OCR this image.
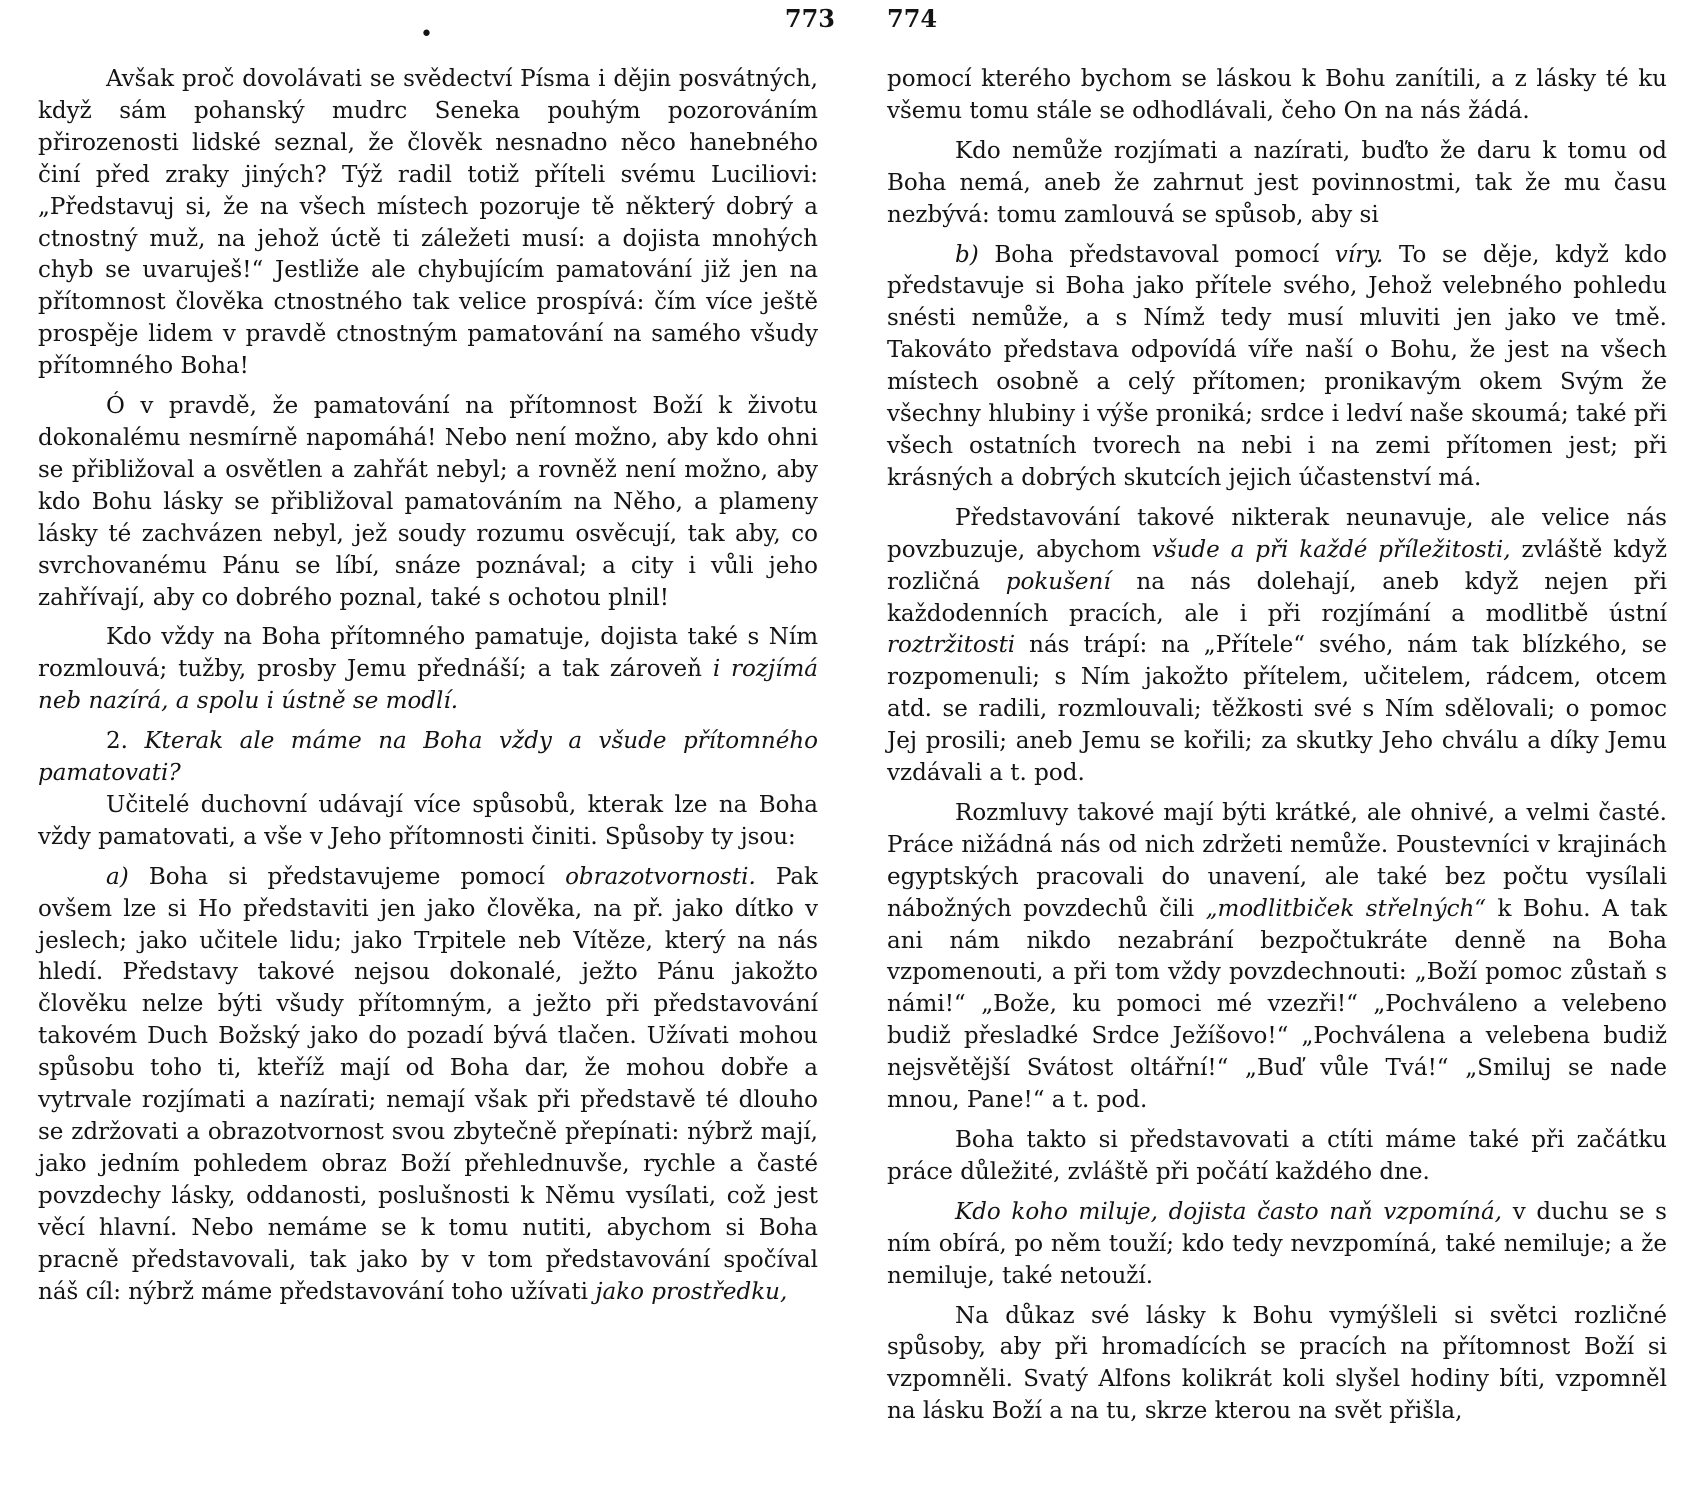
773
•

Avšak proč dovolávati se svědectví Písma i dějin posvátných, když sám pohanský mudrc Seneka pouhým pozorováním přirozenosti lidské seznal, že člověk nesnadno něco hanebného činí před zraky jiných? Týž radil totiž příteli svému Luciliovi: „Představuj si, že na všech místech pozoruje tě některý dobrý a ctnostný muž, na jehož úctě ti záležeti musí: a dojista mnohých chyb se uvaruješ!“ Jestliže ale chybujícím pamatování již jen na přítomnost člověka ctnostného tak velice prospívá: čím více ještě prospěje lidem v pravdě ctnostným pamatování na samého všudy přítomného Boha!

Ó v pravdě, že pamatování na přítomnost Boží k životu dokonalému nesmírně napomáhá! Nebo není možno, aby kdo ohni se přibližoval a osvětlen a zahřát nebyl; a rovněž není možno, aby kdo Bohu lásky se přibližoval pamatováním na Něho, a plameny lásky té zachvázen nebyl, jež soudy rozumu osvěcují, tak aby, co svrchovanému Pánu se líbí, snáze poznával; a city i vůli jeho zahřívají, aby co dobrého poznal, také s ochotou plnil!

Kdo vždy na Boha přítomného pamatuje, dojista také s Ním rozmlouvá; tužby, prosby Jemu přednáší; a tak zároveň i rozjímá neb nazírá, a spolu i ústně se modlí.

2. Kterak ale máme na Boha vždy a všude přítomného pamatovati?

Učitelé duchovní udávají více spůsobů, kterak lze na Boha vždy pamatovati, a vše v Jeho přítomnosti činiti. Spůsoby ty jsou:

a) Boha si představujeme pomocí obrazotvornosti. Pak ovšem lze si Ho představiti jen jako člověka, na př. jako dítko v jeslech; jako učitele lidu; jako Trpitele neb Vítěze, který na nás hledí. Představy takové nejsou dokonalé, ježto Pánu jakožto člověku nelze býti všudy přítomným, a ježto při představování takovém Duch Božský jako do pozadí bývá tlačen. Užívati mohou spůsobu toho ti, kteříž mají od Boha dar, že mohou dobře a vytrvale rozjímati a nazírati; nemají však při představě té dlouho se zdržovati a obrazotvornost svou zbytečně přepínati: nýbrž mají, jako jedním pohledem obraz Boží přehlednuvše, rychle a časté povzdechy lásky, oddanosti, poslušnosti k Němu vysílati, což jest věcí hlavní. Nebo nemáme se k tomu nutiti, abychom si Boha pracně představovali, tak jako by v tom představování spočíval náš cíl: nýbrž máme představování toho užívati jako prostředku,

774

pomocí kterého bychom se láskou k Bohu zanítili, a z lásky té ku všemu tomu stále se odhodlávali, čeho On na nás žádá.

Kdo nemůže rozjímati a nazírati, buďto že daru k tomu od Boha nemá, aneb že zahrnut jest povinnostmi, tak že mu času nezbývá: tomu zamlouvá se spůsob, aby si

b) Boha představoval pomocí víry. To se děje, když kdo představuje si Boha jako přítele svého, Jehož velebného pohledu snésti nemůže, a s Nímž tedy musí mluviti jen jako ve tmě. Takováto představa odpovídá víře naší o Bohu, že jest na všech místech osobně a celý přítomen; pronikavým okem Svým že všechny hlubiny i výše proniká; srdce i ledví naše skoumá; také při všech ostatních tvorech na nebi i na zemi přítomen jest; při krásných a dobrých skutcích jejich účastenství má.

Představování takové nikterak neunavuje, ale velice nás povzbuzuje, abychom všude a při každé příležitosti, zvláště když rozličná pokušení na nás dolehají, aneb když nejen při každodenních pracích, ale i při rozjímání a modlitbě ústní roztržitosti nás trápí: na „Přítele“ svého, nám tak blízkého, se rozpomenuli; s Ním jakožto přítelem, učitelem, rádcem, otcem atd. se radili, rozmlouvali; těžkosti své s Ním sdělovali; o pomoc Jej prosili; aneb Jemu se kořili; za skutky Jeho chválu a díky Jemu vzdávali a t. pod.

Rozmluvy takové mají býti krátké, ale ohnivé, a velmi časté. Práce nižádná nás od nich zdržeti nemůže. Poustevníci v krajinách egyptských pracovali do unavení, ale také bez počtu vysílali nábožných povzdechů čili „modlitbiček střelných“ k Bohu. A tak ani nám nikdo nezabrání bezpočtukráte denně na Boha vzpomenouti, a při tom vždy povzdechnouti: „Boží pomoc zůstaň s námi!“ „Bože, ku pomoci mé vzezři!“ „Pochváleno a velebeno budiž přesladké Srdce Ježíšovo!“ „Pochválena a velebena budiž nejsvětější Svátost oltářní!“ „Buď vůle Tvá!“ „Smiluj se nade mnou, Pane!“ a t. pod.

Boha takto si představovati a ctíti máme také při začátku práce důležité, zvláště při počátí každého dne.

Kdo koho miluje, dojista často naň vzpomíná, v duchu se s ním obírá, po něm touží; kdo tedy nevzpomíná, také nemiluje; a že nemiluje, také netouží.

Na důkaz své lásky k Bohu vymýšleli si světci rozličné spůsoby, aby při hromadících se pracích na přítomnost Boží si vzpomněli. Svatý Alfons kolikrát koli slyšel hodiny bíti, vzpomněl na lásku Boží a na tu, skrze kterou na svět přišla,
